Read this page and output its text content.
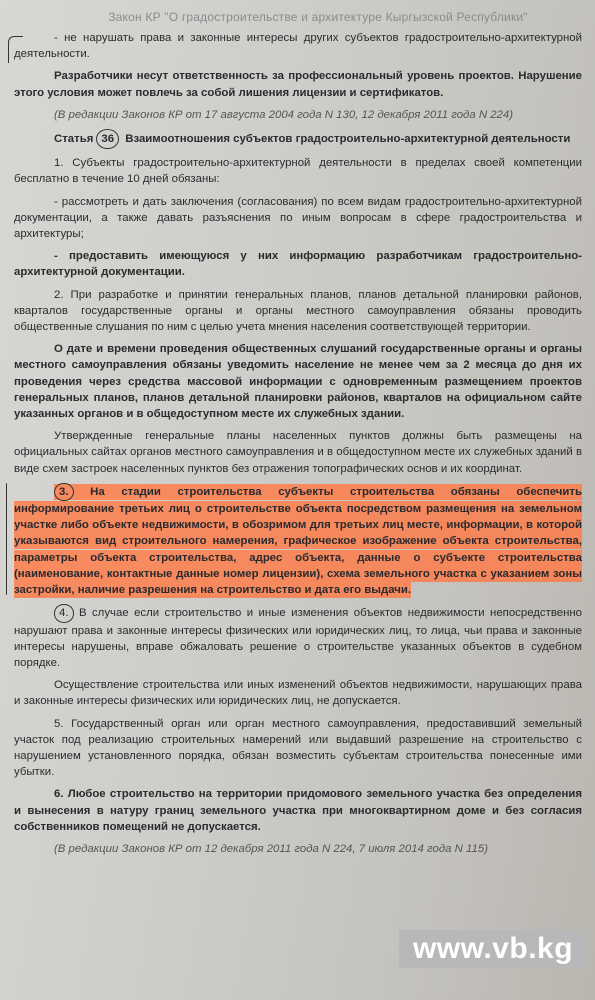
Закон КР "О градостроительстве и архитектуре Кыргызской Республики"

- не нарушать права и законные интересы других субъектов градостроительно-архитектурной деятельности.

Разработчики несут ответственность за профессиональный уровень проектов. Нарушение этого условия может повлечь за собой лишения лицензии и сертификатов.

(В редакции Законов КР от 17 августа 2004 года N 130, 12 декабря 2011 года N 224)

Статья 36 Взаимоотношения субъектов градостроительно-архитектурной деятельности

1. Субъекты градостроительно-архитектурной деятельности в пределах своей компетенции бесплатно в течение 10 дней обязаны:

- рассмотреть и дать заключения (согласования) по всем видам градостроительно-архитектурной документации, а также давать разъяснения по иным вопросам в сфере градостроительства и архитектуры;

- предоставить имеющуюся у них информацию разработчикам градостроительно-архитектурной документации.

2. При разработке и принятии генеральных планов, планов детальной планировки районов, кварталов государственные органы и органы местного самоуправления обязаны проводить общественные слушания по ним с целью учета мнения населения соответствующей территории.

О дате и времени проведения общественных слушаний государственные органы и органы местного самоуправления обязаны уведомить население не менее чем за 2 месяца до дня их проведения через средства массовой информации с одновременным размещением проектов генеральных планов, планов детальной планировки районов, кварталов на официальном сайте указанных органов и в общедоступном месте их служебных здании.

Утвержденные генеральные планы населенных пунктов должны быть размещены на официальных сайтах органов местного самоуправления и в общедоступном месте их служебных зданий в виде схем застроек населенных пунктов без отражения топографических основ и их координат.

3. На стадии строительства субъекты строительства обязаны обеспечить информирование третьих лиц о строительстве объекта посредством размещения на земельном участке либо объекте недвижимости, в обозримом для третьих лиц месте, информации, в которой указываются вид строительного намерения, графическое изображение объекта строительства, параметры объекта строительства, адрес объекта, данные о субъекте строительства (наименование, контактные данные номер лицензии), схема земельного участка с указанием зоны застройки, наличие разрешения на строительство и дата его выдачи.

4. В случае если строительство и иные изменения объектов недвижимости непосредственно нарушают права и законные интересы физических или юридических лиц, то лица, чьи права и законные интересы нарушены, вправе обжаловать решение о строительстве указанных объектов в судебном порядке.

Осуществление строительства или иных изменений объектов недвижимости, нарушающих права и законные интересы физических или юридических лиц, не допускается.

5. Государственный орган или орган местного самоуправления, предоставивший земельный участок под реализацию строительных намерений или выдавший разрешение на строительство с нарушением установленного порядка, обязан возместить субъектам строительства понесенные ими убытки.

6. Любое строительство на территории придомового земельного участка без определения и вынесения в натуру границ земельного участка при многоквартирном доме и без согласия собственников помещений не допускается.

(В редакции Законов КР от 12 декабря 2011 года N 224, 7 июля 2014 года N 115)

www.vb.kg
